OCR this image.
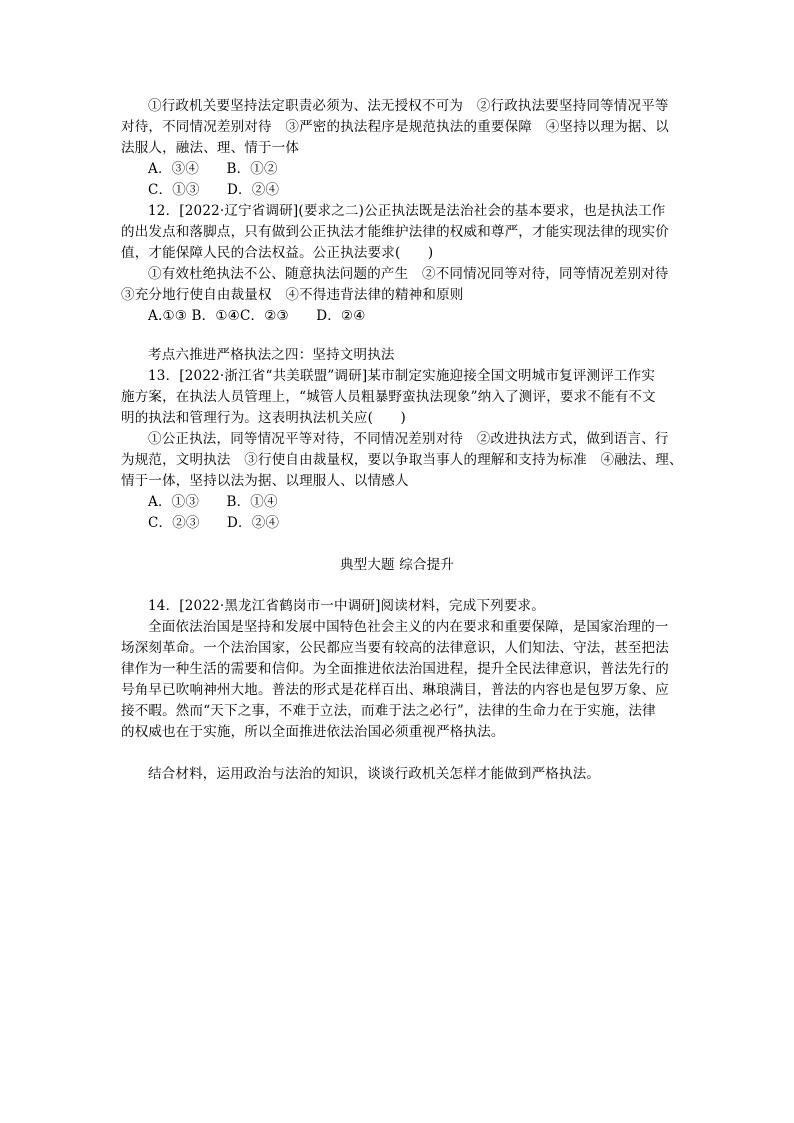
①行政机关要坚持法定职责必须为、法无授权不可为　②行政执法要坚持同等情况平等
对待，不同情况差别对待　③严密的执法程序是规范执法的重要保障　④坚持以理为据、以
法服人，融法、理、情于一体
A．③④　　B．①②
C．①③　　D．②④
12．[2022·辽宁省调研](要求之二)公正执法既是法治社会的基本要求，也是执法工作
的出发点和落脚点，只有做到公正执法才能维护法律的权威和尊严，才能实现法律的现实价
值，才能保障人民的合法权益。公正执法要求(　　)
①有效杜绝执法不公、随意执法问题的产生　②不同情况同等对待，同等情况差别对待
③充分地行使自由裁量权　④不得违背法律的精神和原则
A.①③ B．①④C．②③　　D．②④
考点六推进严格执法之四：坚持文明执法
13．[2022·浙江省“共美联盟”调研]某市制定实施迎接全国文明城市复评测评工作实
施方案，在执法人员管理上，“城管人员粗暴野蛮执法现象”纳入了测评，要求不能有不文
明的执法和管理行为。这表明执法机关应(　　)
①公正执法，同等情况平等对待，不同情况差别对待　②改进执法方式，做到语言、行
为规范，文明执法　③行使自由裁量权，要以争取当事人的理解和支持为标准　④融法、理、
情于一体，坚持以法为据、以理服人、以情感人
A．①③　　B．①④
C．②③　　D．②④
典型大题 综合提升
14．[2022·黑龙江省鹤岗市一中调研]阅读材料，完成下列要求。
全面依法治国是坚持和发展中国特色社会主义的内在要求和重要保障，是国家治理的一
场深刻革命。一个法治国家，公民都应当要有较高的法律意识，人们知法、守法，甚至把法
律作为一种生活的需要和信仰。为全面推进依法治国进程，提升全民法律意识，普法先行的
号角早已吹响神州大地。普法的形式是花样百出、琳琅满目，普法的内容也是包罗万象、应
接不暇。然而“天下之事，不难于立法，而难于法之必行”，法律的生命力在于实施，法律
的权威也在于实施，所以全面推进依法治国必须重视严格执法。
结合材料，运用政治与法治的知识，谈谈行政机关怎样才能做到严格执法。
